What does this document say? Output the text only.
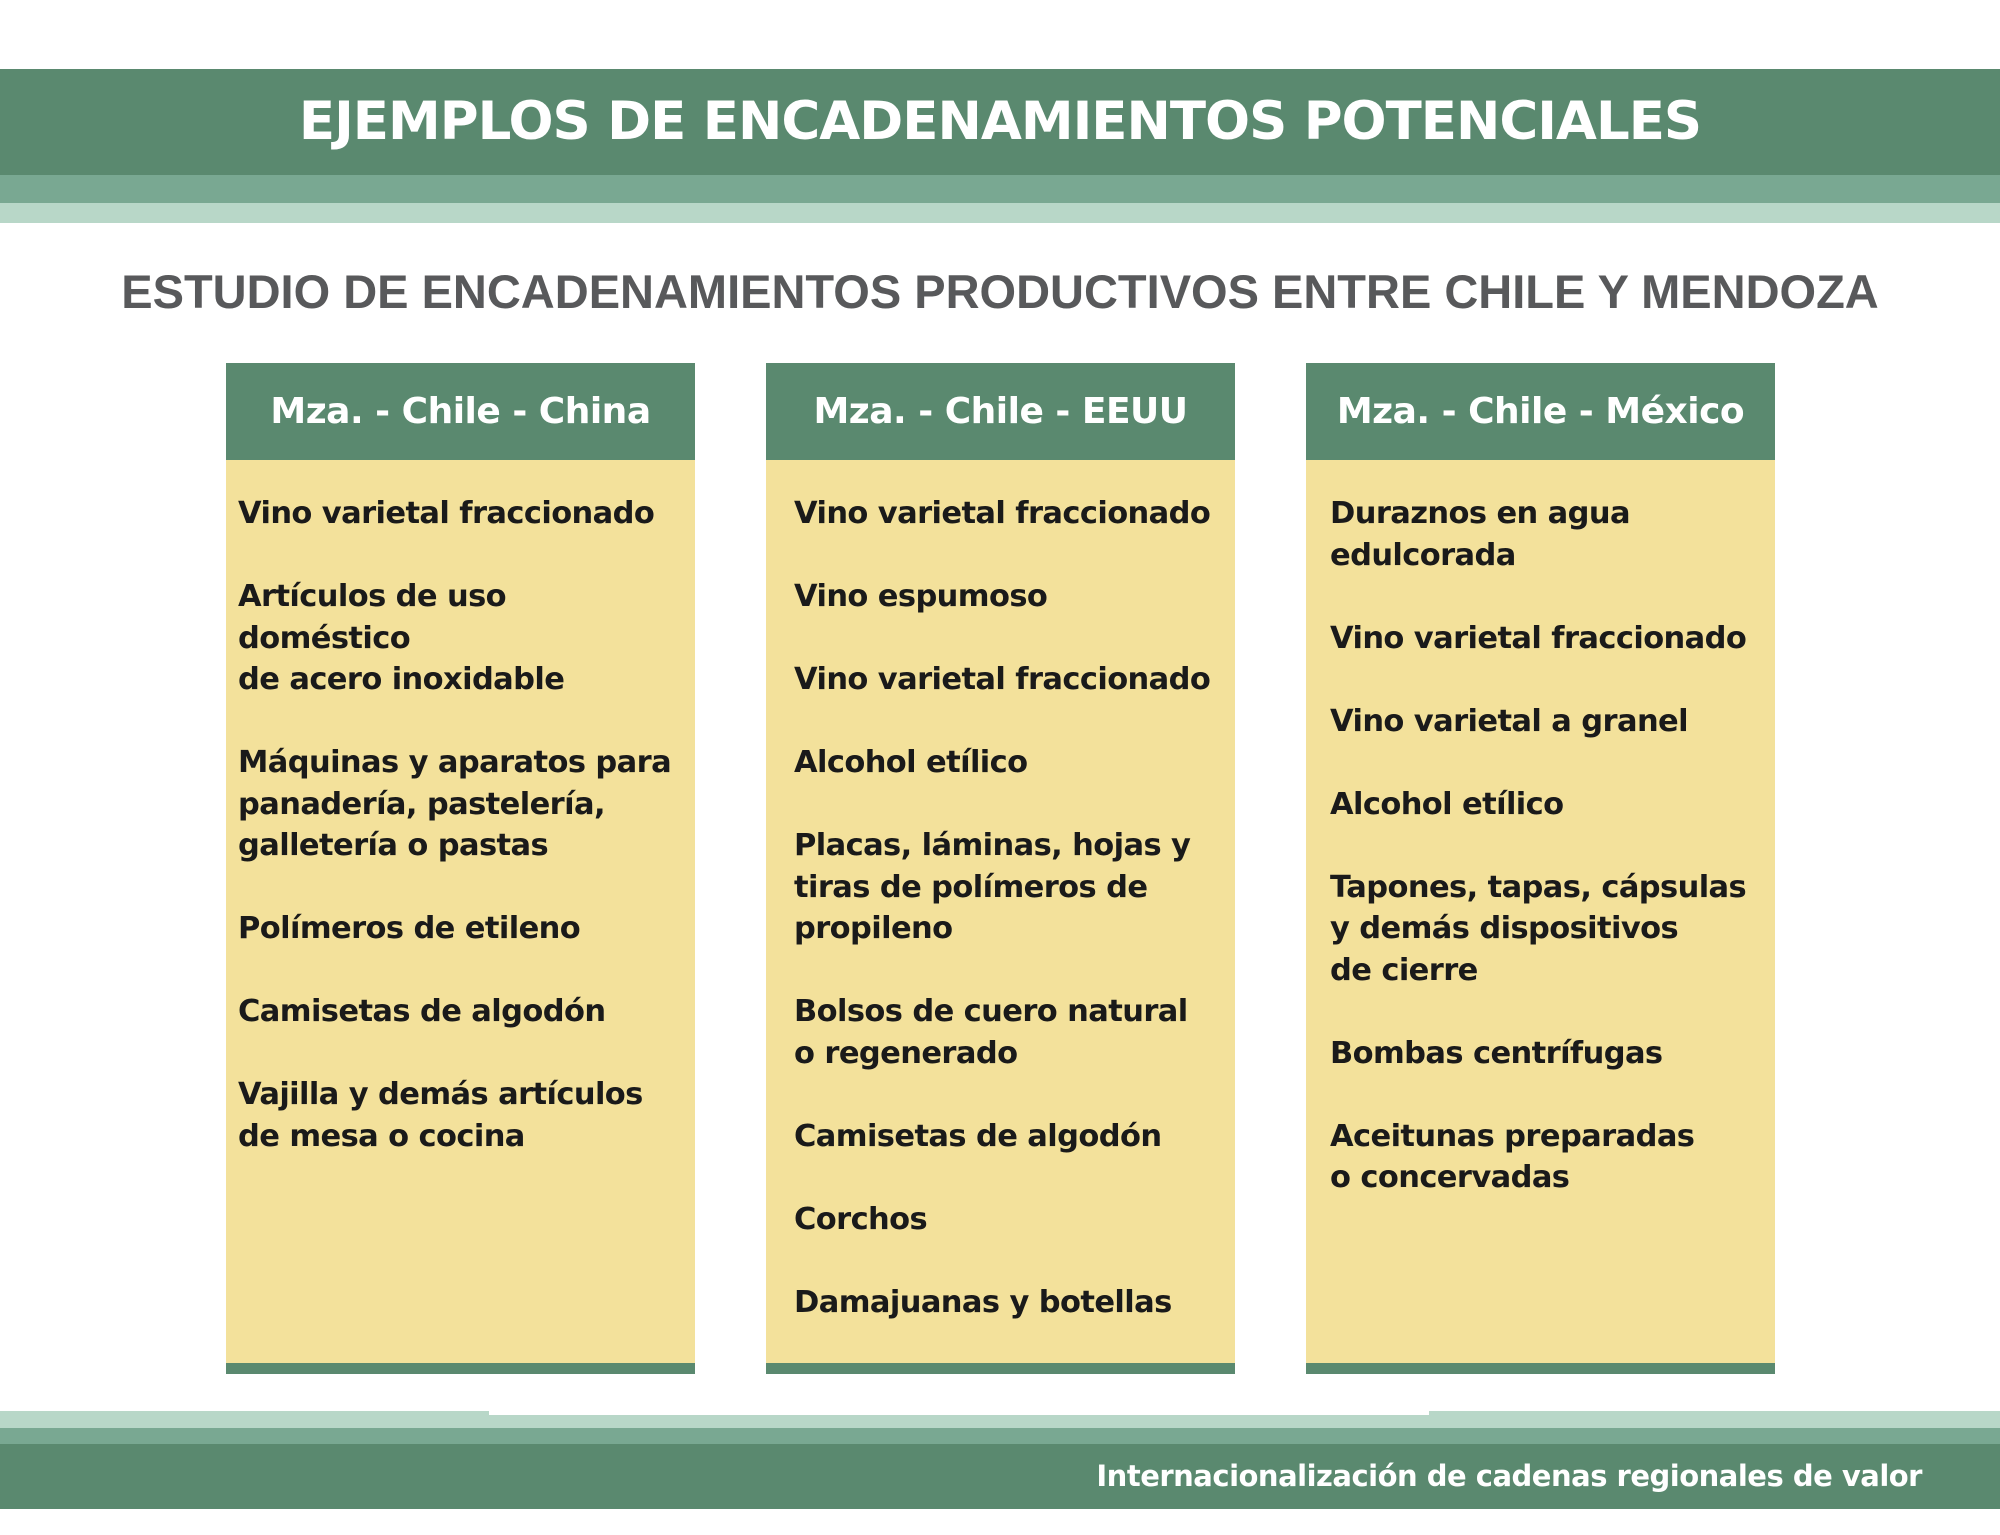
EJEMPLOS DE ENCADENAMIENTOS POTENCIALES
ESTUDIO DE ENCADENAMIENTOS PRODUCTIVOS ENTRE CHILE Y MENDOZA
Mza. - Chile - China
Vino varietal fraccionado
Artículos de uso doméstico
de acero inoxidable
Máquinas y aparatos para
panadería, pastelería,
galletería o pastas
Polímeros de etileno
Camisetas de algodón
Vajilla y demás artículos
de mesa o cocina
Mza. - Chile - EEUU
Vino varietal fraccionado
Vino espumoso
Vino varietal fraccionado
Alcohol etílico
Placas, láminas, hojas y
tiras de polímeros de
propileno
Bolsos de cuero natural
o regenerado
Camisetas de algodón
Corchos
Damajuanas y botellas
Mza. - Chile - México
Duraznos en agua
edulcorada
Vino varietal fraccionado
Vino varietal a granel
Alcohol etílico
Tapones, tapas, cápsulas
y demás dispositivos
de cierre
Bombas centrífugas
Aceitunas preparadas
o concervadas
Internacionalización de cadenas regionales de valor
